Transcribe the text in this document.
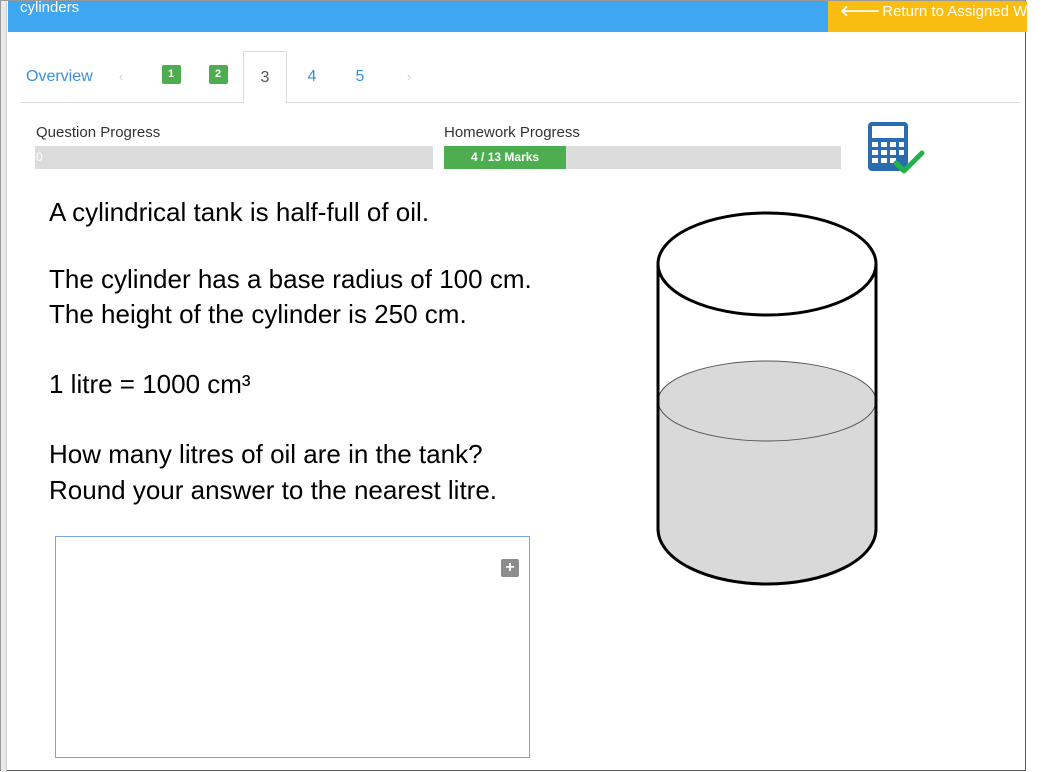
cylinders	🡐 Return to Assigned Work
Overview	‹	1	2	3	4	5	›
Question Progress
0
Homework Progress
4 / 13 Marks
A cylindrical tank is half-full of oil.
The cylinder has a base radius of 100 cm.
The height of the cylinder is 250 cm.
1 litre = 1000 cm³
How many litres of oil are in the tank?
Round your answer to the nearest litre.
+
